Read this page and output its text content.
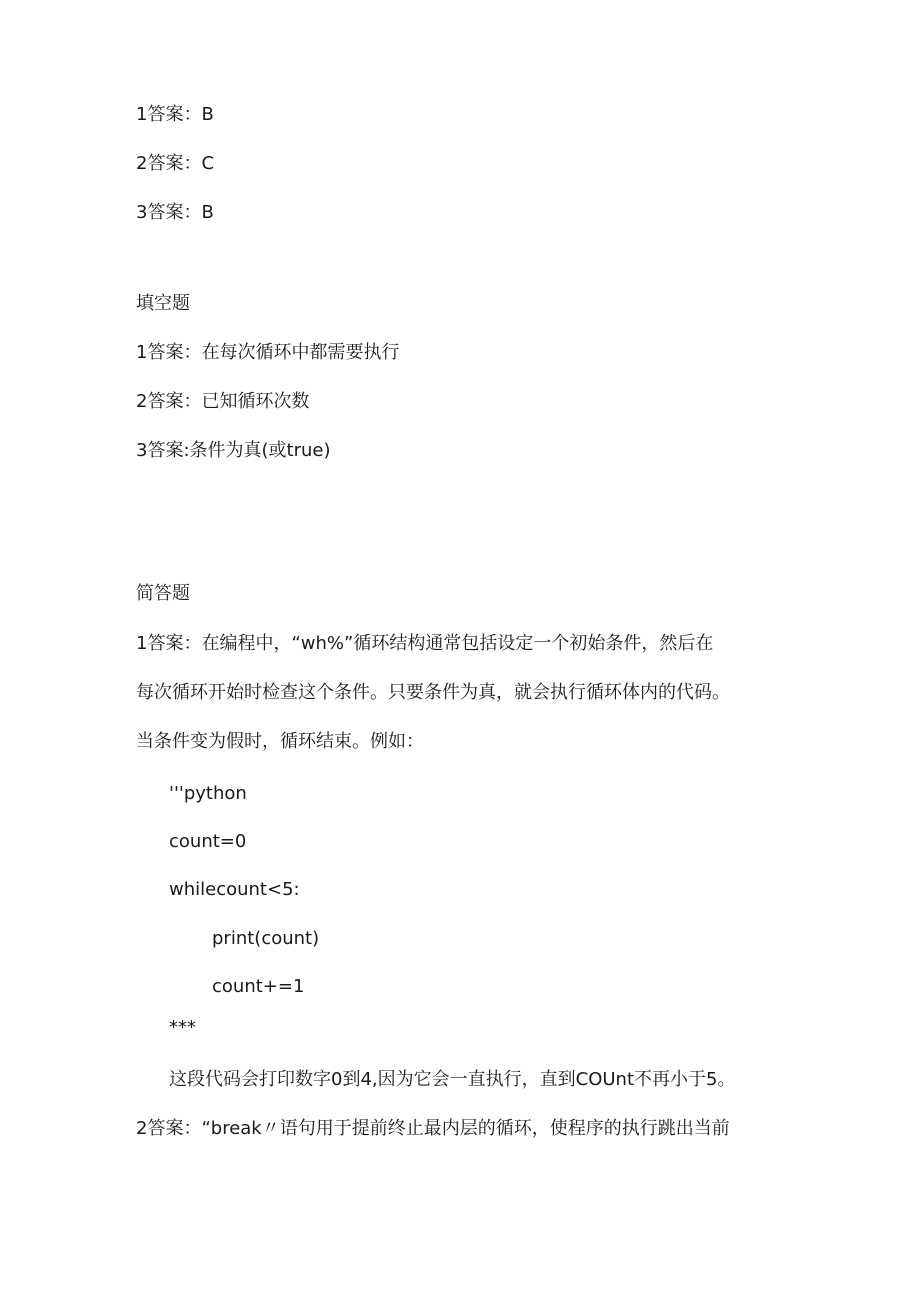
1答案：B
2答案：C
3答案：B
填空题
1答案：在每次循环中都需要执行
2答案：已知循环次数
3答案:条件为真(或true)
简答题
1答案：在编程中，“wh%”循环结构通常包括设定一个初始条件，然后在
每次循环开始时检查这个条件。只要条件为真，就会执行循环体内的代码。
当条件变为假时，循环结束。例如：
'''python
count=0
whilecount<5:
print(count)
count+=1
***
这段代码会打印数字0到4,因为它会一直执行，直到COUnt不再小于5。
2答案：“break〃语句用于提前终止最内层的循环，使程序的执行跳出当前
